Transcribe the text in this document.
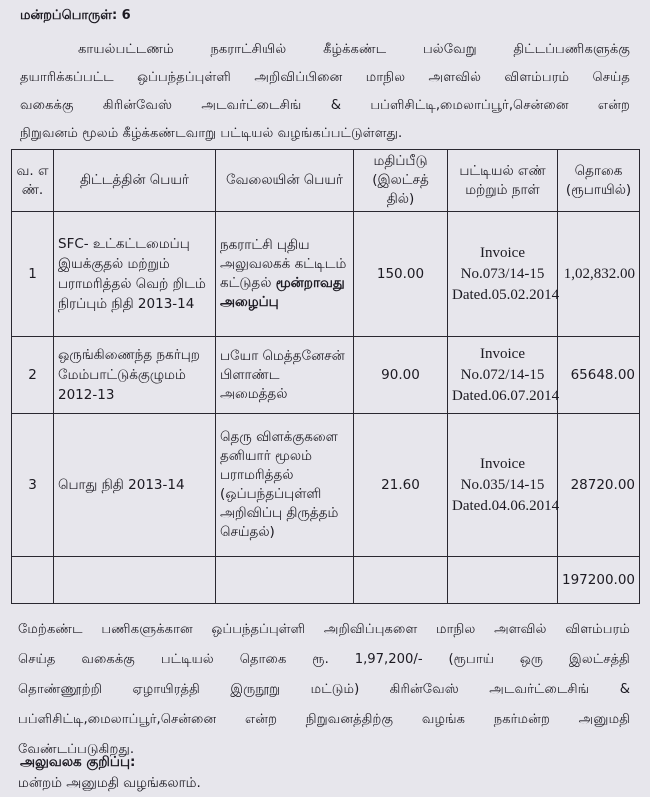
மன்றப்பொருள்: 6
காயல்பட்டணம் நகராட்சியில் கீழ்க்கண்ட பல்வேறு திட்டப்பணிகளுக்கு
தயாரிக்கப்பட்ட ஒப்பந்தப்புள்ளி அறிவிப்பினை மாநில அளவில் விளம்பரம் செய்த
வகைக்கு கிரின்வேஸ் அடவர்ட்டைசிங் & பப்ளிசிட்டி,மைலாப்பூர்,சென்னை என்ற
நிறுவனம் மூலம் கீழ்க்கண்டவாறு பட்டியல் வழங்கப்பட்டுள்ளது.
வ. எ ண்.	திட்டத்தின் பெயர்	வேலையின் பெயர்	மதிப்பீடு (இலட்சத் தில்)	பட்டியல் எண் மற்றும் நாள்	தொகை (ரூபாயில்)
1	SFC- உட்கட்டமைப்பு இயக்குதல் மற்றும் பராமரித்தல் வெற் றிடம் நிரப்பும் நிதி 2013-14	நகராட்சி புதிய அலுவலகக் கட்டிடம் கட்டுதல் மூன்றாவது அழைப்பு	150.00	Invoice No.073/14-15 Dated.05.02.2014	1,02,832.00
2	ஒருங்கிணைந்த நகர்புற மேம்பாட்டுக்குழுமம் 2012-13	பயோ மெத்தனேசன் பிளாண்ட அமைத்தல்	90.00	Invoice No.072/14-15 Dated.06.07.2014	65648.00
3	பொது நிதி 2013-14	தெரு விளக்குகளை தனியார் மூலம் பராமரித்தல் (ஒப்பந்தப்புள்ளி அறிவிப்பு திருத்தம் செய்தல்)	21.60	Invoice No.035/14-15 Dated.04.06.2014	28720.00
					197200.00
மேற்கண்ட பணிகளுக்கான ஒப்பந்தப்புள்ளி அறிவிப்புகளை மாநில அளவில் விளம்பரம்
செய்த வகைக்கு பட்டியல் தொகை ரூ. 1,97,200/- (ரூபாய் ஒரு இலட்சத்தி
தொண்ணூற்றி ஏழாயிரத்தி இருநூறு மட்டும்) கிரின்வேஸ் அடவர்ட்டைசிங் &
பப்ளிசிட்டி,மைலாப்பூர்,சென்னை என்ற நிறுவனத்திற்கு வழங்க நகர்மன்ற அனுமதி
வேண்டப்படுகிறது.
அலுவலக குறிப்பு:
மன்றம் அனுமதி வழங்கலாம்.
